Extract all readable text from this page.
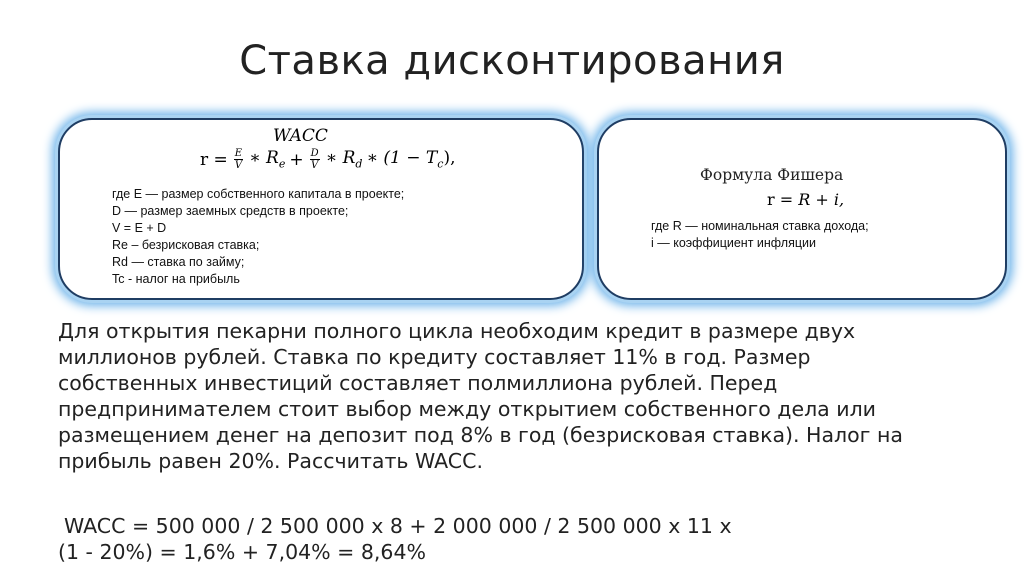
Ставка дисконтирования
WACC
$r = \frac{E}{V}$ ∗ $R_e + \frac{D}{V}$ ∗ $R_d$ ∗ $(1 - T_c)$,
где E — размер собственного капитала в проекте;
D — размер заемных средств в проекте;
V = E + D
Re – безрисковая ставка;
Rd — ставка по займу;
Tc - налог на прибыль
Формула Фишера
r = R + i,
где R — номинальная ставка дохода;
i — коэффициент инфляции
Для открытия пекарни полного цикла необходим кредит в размере двух
миллионов рублей. Ставка по кредиту составляет 11% в год. Размер
собственных инвестиций составляет полмиллиона рублей. Перед
предпринимателем стоит выбор между открытием собственного дела или
размещением денег на депозит под 8% в год (безрисковая ставка). Налог на
прибыль равен 20%. Рассчитать WACC.
WACC = 500 000 / 2 500 000 х 8 + 2 000 000 / 2 500 000 х 11 х
(1 - 20%) = 1,6% + 7,04% = 8,64%
